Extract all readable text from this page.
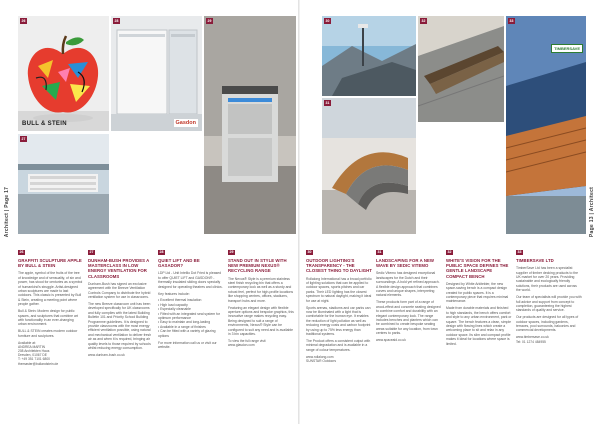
Architect | Page 17
26
BULL & STEIN
27
28
Gasdon
29
26
GRAFFITI SCULPTURE APPLE BY BULL & STEIN

The apple, symbol of the fruits of the tree of knowledge and of sensuality, of sin and power, has stood for centuries as a symbol of humankind's struggle. Artist-designed urban sculptures are made to last outdoors. This classic is presented by Bull & Stein, creating a meeting point where people gather.

Bull & Stein: Modern design for public spaces, and sculptures that combine art with functionality in an ever-changing urban environment.

BULL & STEIN creates modern outdoor furniture and sculptures.

Available at:
ANDREA MARTIN
208 Architekten Haus
Dresden, 01067 DE
T: +49 351 7101 6800
themaster@bullandstein.de

27
DUNHAM-BUSH PROVIDES A MASTERCLASS IN LOW ENERGY VENTILATION FOR CLASSROOMS

Dunham-Bush has signed an exclusive agreement with the Breeze Ventilation Controls Company to distribute the hybrid ventilation system for use in classrooms.

The new Breeze classroom unit has been developed specifically for UK classrooms and fully complies with the latest Building Bulletin 101 and Priority School Building Programme guidelines. It is designed to provide classrooms with the most energy efficient ventilation possible, using natural and mechanical ventilation to deliver fresh air as and when it is required, bringing air quality levels to those required by schools whilst reducing energy consumption.

www.dunham-bush.co.uk

28
QUIET LIFT AND BE GASADOR?

LDP Ltd - Unit Intellio Dot Fried is pleased to offer QUIET LIFT and GASDON® - thermally insulated sliding doors specially designed for operating theatres and clinics.

Key features include:

• Excellent thermal insulation
• High load capacity
• Especially cleanable
• Fitted with an integrated seal system for optimum performance
• Easy to maintain and long-lasting
• Available in a range of finishes
• Can be fitted with a variety of glazing options

For more information call us or visit our website.

29
STAND OUT IN STYLE WITH NEW PREMIUM NEXUS® RECYCLING RANGE

The Nexus® Style is a premium stainless steel finish recycling bin that offers a contemporary look as well as a sturdy and robust feel, perfect for high-profile locations like shopping centres, offices, stadiums, transport hubs and more.

Featuring an elegant design with flexible aperture options and bespoke graphics, this innovative range makes recycling easy. Being designed to suit a range of environments, Nexus® Style can be configured to suit any need and is available in 3 bin capacities.

To view the full range visit
www.glasdon.com

Page 13 | Architect
30
31
32	33
TIMBERSAVE
30
OUTDOOR LIGHTING'S TRANSPARENCY - THE CLOSEST THING TO DAYLIGHT

Rollalong International has a broad portfolio of lighting solutions that can be applied to outdoor spaces, sports pitches and car parks. Their LED lighting has the closest spectrum to natural daylight, making it ideal for use at night.

Sports arenas, stadiums and car parks can now be illuminated with a light that is comfortable for the human eye. It enables the reduction of light pollution as well as reducing energy costs and carbon footprint by using up to 75% less energy than traditional systems.

The Product offers a consistent output with minimal degradation and is available in a range of colour temperatures.

www.rollalong.com
SUNSTAR Outdoors

31
LANDSCAPING FOR A NEW WAVE BY SEDIC VITEMO

Sedic Vitemo has designed exceptional landscapes for the Dutch and their surroundings. A bold yet refined approach. A flexible design approach that combines curves and unique shapes, interpreting natural elements.

These products form part of a range of wood-effect and concrete seating designed to combine comfort and durability with an elegant contemporary look. The range includes benches and planters which can be combined to create bespoke seating areas suitable for any location, from town centres to parks.

www.spaceaid.co.uk

32
WHITE'S VISION FOR THE PUBLIC SPACE DEFINES THE GENTLE LANDSCAPE COMPACT BENCH

Designed by White Arkitekter, the new space-saving bench is a compact design created for public spaces. It is a contemporary piece that requires minimal maintenance.

Made from durable materials and finished to high standards, the bench offers comfort and style to any urban environment, park or square. The bench features a clean, simple design with flowing lines which create a welcoming place to sit and relax in any outdoor space. Its slim and compact profile makes it ideal for locations where space is limited.

33
TIMBERSAVE LTD

TimberSave Ltd has been a specialist supplier of timber decking products to the UK market for over 20 years. Providing sustainable and ecologically friendly solutions, their products are used across the world.

Our team of specialists will provide you with full advice and support from concept to completion, guaranteeing the highest standards of quality and service.

Our products are designed for all types of outdoor spaces, including gardens, terraces, pool surrounds, balconies and commercial developments.

www.timbersave.co.uk
Tel: 01 1274 484955
